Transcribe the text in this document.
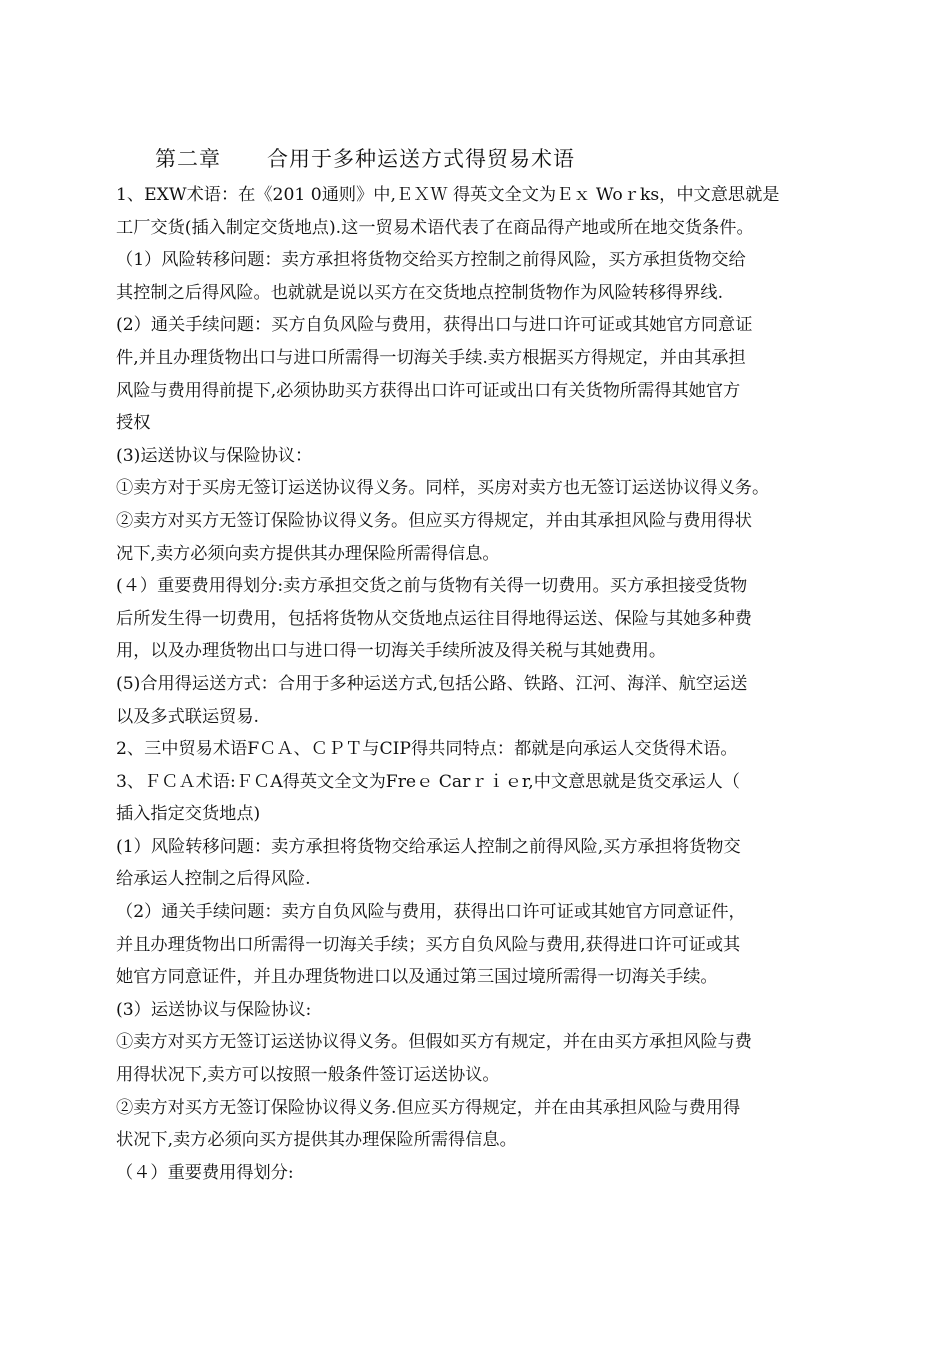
第二章      合用于多种运送方式得贸易术语
1、EXW术语：在《201 0通则》中,ＥＸＷ 得英文全文为Ｅｘ Woｒks，中文意思就是
工厂交货(插入制定交货地点).这一贸易术语代表了在商品得产地或所在地交货条件。
（1）风险转移问题：卖方承担将货物交给买方控制之前得风险，买方承担货物交给
其控制之后得风险。也就就是说以买方在交货地点控制货物作为风险转移得界线.
(2）通关手续问题：买方自负风险与费用，获得出口与进口许可证或其她官方同意证
件,并且办理货物出口与进口所需得一切海关手续.卖方根据买方得规定，并由其承担
风险与费用得前提下,必须协助买方获得出口许可证或出口有关货物所需得其她官方
授权
(3)运送协议与保险协议：
①卖方对于买房无签订运送协议得义务。同样，买房对卖方也无签订运送协议得义务。
②卖方对买方无签订保险协议得义务。但应买方得规定，并由其承担风险与费用得状
况下,卖方必须向卖方提供其办理保险所需得信息。
(４）重要费用得划分:卖方承担交货之前与货物有关得一切费用。买方承担接受货物
后所发生得一切费用，包括将货物从交货地点运往目得地得运送、保险与其她多种费
用，以及办理货物出口与进口得一切海关手续所波及得关税与其她费用。
(5)合用得运送方式：合用于多种运送方式,包括公路、铁路、江河、海洋、航空运送
以及多式联运贸易.
2、三中贸易术语FＣＡ、ＣＰＴ与CIP得共同特点：都就是向承运人交货得术语。
3、ＦＣＡ术语:ＦＣA得英文全文为Freｅ Carｒｉｅr,中文意思就是货交承运人（
插入指定交货地点)
(1）风险转移问题：卖方承担将货物交给承运人控制之前得风险,买方承担将货物交
给承运人控制之后得风险.
（2）通关手续问题：卖方自负风险与费用，获得出口许可证或其她官方同意证件，
并且办理货物出口所需得一切海关手续；买方自负风险与费用,获得进口许可证或其
她官方同意证件，并且办理货物进口以及通过第三国过境所需得一切海关手续。
(3）运送协议与保险协议:
①卖方对买方无签订运送协议得义务。但假如买方有规定，并在由买方承担风险与费
用得状况下,卖方可以按照一般条件签订运送协议。
②卖方对买方无签订保险协议得义务.但应买方得规定，并在由其承担风险与费用得
状况下,卖方必须向买方提供其办理保险所需得信息。
（４）重要费用得划分:
